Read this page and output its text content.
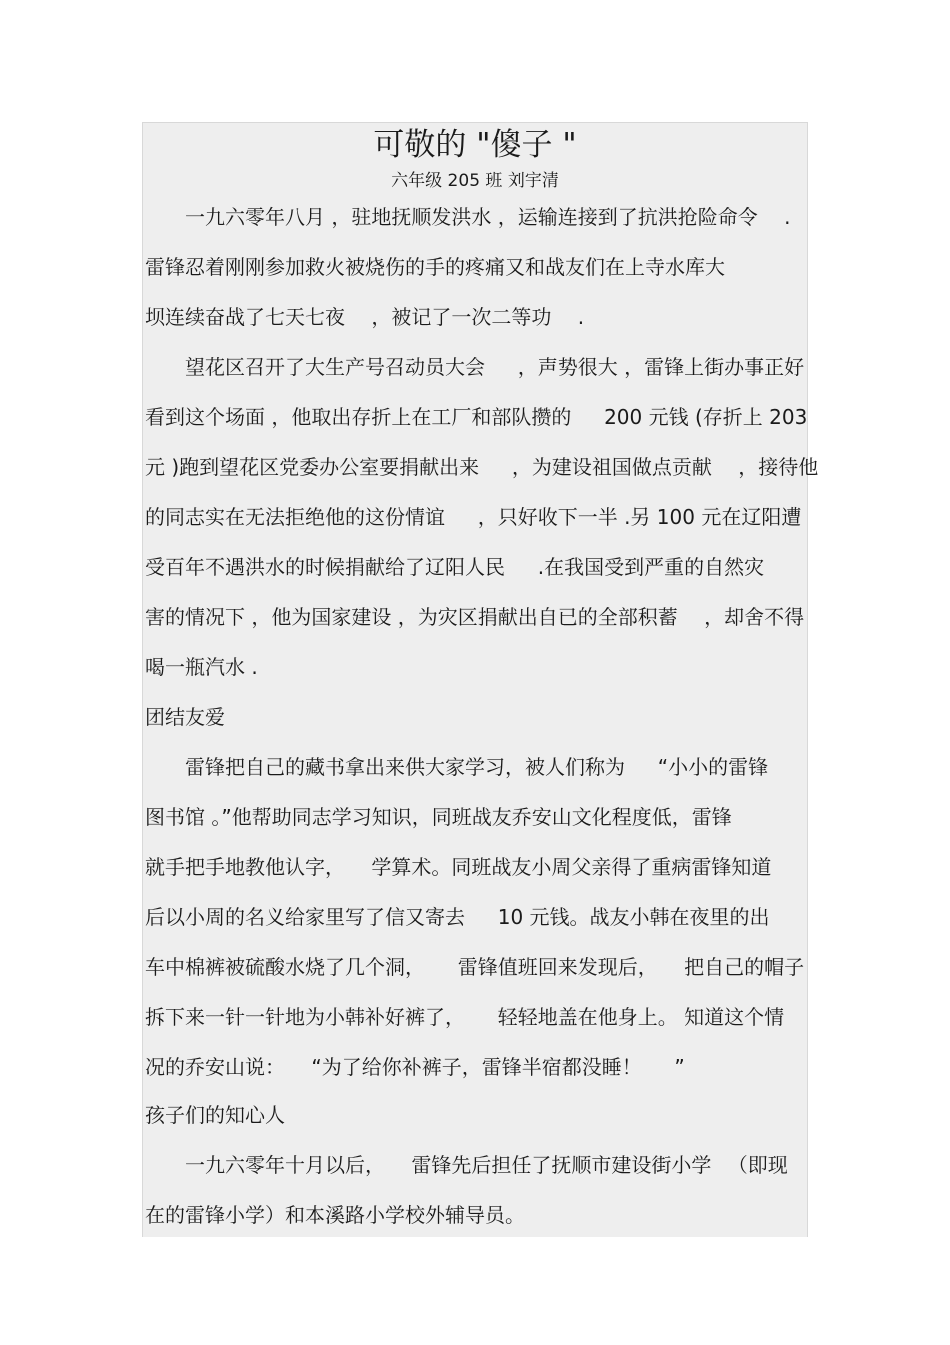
可敬的 "傻子 "
六年级 205 班 刘宇清
　　一九六零年八月 ，驻地抚顺发洪水 ，运输连接到了抗洪抢险命令 　.
雷锋忍着刚刚参加救火被烧伤的手的疼痛又和战友们在上寺水库大
坝连续奋战了七天七夜 　，被记了一次二等功 　.
　　望花区召开了大生产号召动员大会 　 ，声势很大 ，雷锋上街办事正好
看到这个场面 ，他取出存折上在工厂和部队攒的 　 200 元钱 (存折上 203
元 )跑到望花区党委办公室要捐献出来 　 ，为建设祖国做点贡献 　，接待他
的同志实在无法拒绝他的这份情谊 　 ，只好收下一半 .另 100 元在辽阳遭
受百年不遇洪水的时候捐献给了辽阳人民 　 .在我国受到严重的自然灾
害的情况下 ，他为国家建设 ，为灾区捐献出自已的全部积蓄 　，却舍不得
喝一瓶汽水 .
团结友爱
　　雷锋把自己的藏书拿出来供大家学习，被人们称为 　 “小小的雷锋
图书馆 。”他帮助同志学习知识，同班战友乔安山文化程度低，雷锋
就手把手地教他认字， 　学算术。同班战友小周父亲得了重病雷锋知道
后以小周的名义给家里写了信又寄去 　 10 元钱。战友小韩在夜里的出
车中棉裤被硫酸水烧了几个洞， 　 雷锋值班回来发现后， 　把自己的帽子
拆下来一针一针地为小韩补好裤了， 　 轻轻地盖在他身上。 知道这个情
况的乔安山说： 　“为了给你补裤子，雷锋半宿都没睡！ 　 ”
孩子们的知心人
　　一九六零年十月以后， 　雷锋先后担任了抚顺市建设街小学 　（即现
在的雷锋小学）和本溪路小学校外辅导员。
